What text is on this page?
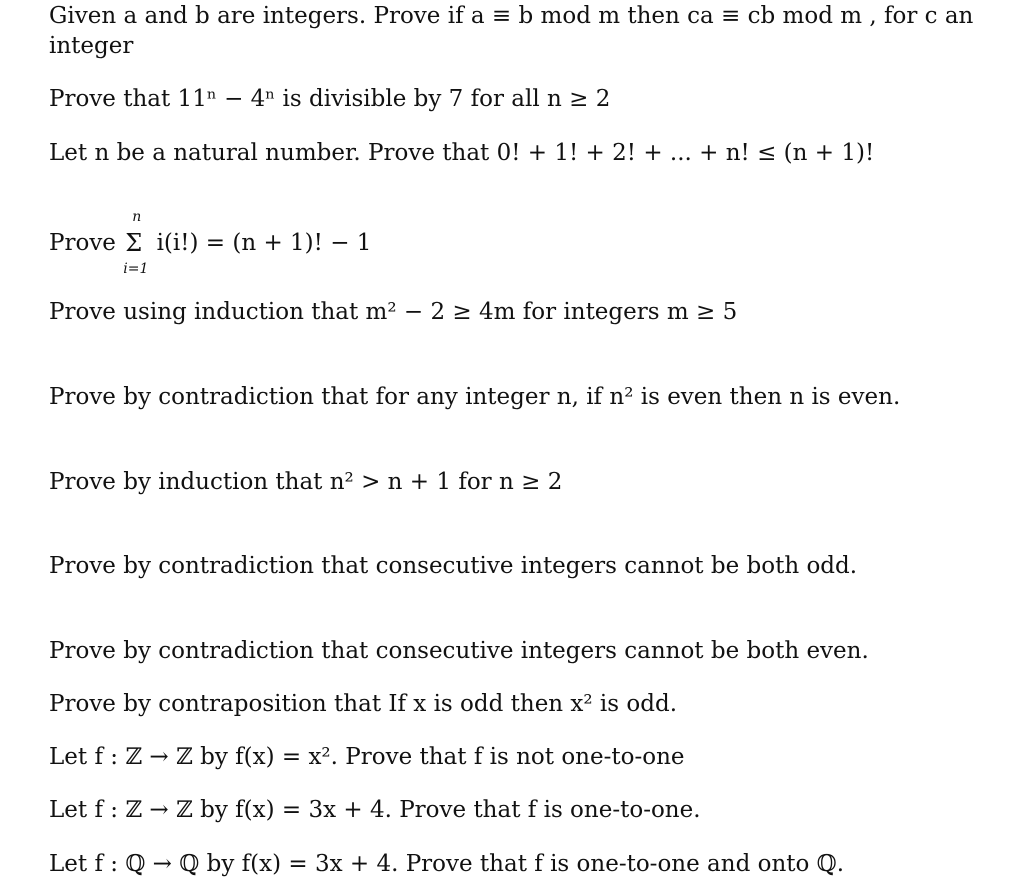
Given a and b are integers. Prove if a ≡ b mod m then ca ≡ cb mod m , for c an
integer
Prove that 11ⁿ − 4ⁿ is divisible by 7 for all n ≥ 2
Let n be a natural number. Prove that 0! + 1! + 2! + ... + n! ≤ (n + 1)!
Prove
n
Σ
i=1
i(i!) = (n + 1)! − 1
Prove using induction that m² − 2 ≥ 4m for integers m ≥ 5
Prove by contradiction that for any integer n, if n² is even then n is even.
Prove by induction that n² > n + 1 for n ≥ 2
Prove by contradiction that consecutive integers cannot be both odd.
Prove by contradiction that consecutive integers cannot be both even.
Prove by contraposition that If x is odd then x² is odd.
Let f : ℤ → ℤ by f(x) = x². Prove that f is not one-to-one
Let f : ℤ → ℤ by f(x) = 3x + 4. Prove that f is one-to-one.
Let f : ℚ → ℚ by f(x) = 3x + 4. Prove that f is one-to-one and onto ℚ.
